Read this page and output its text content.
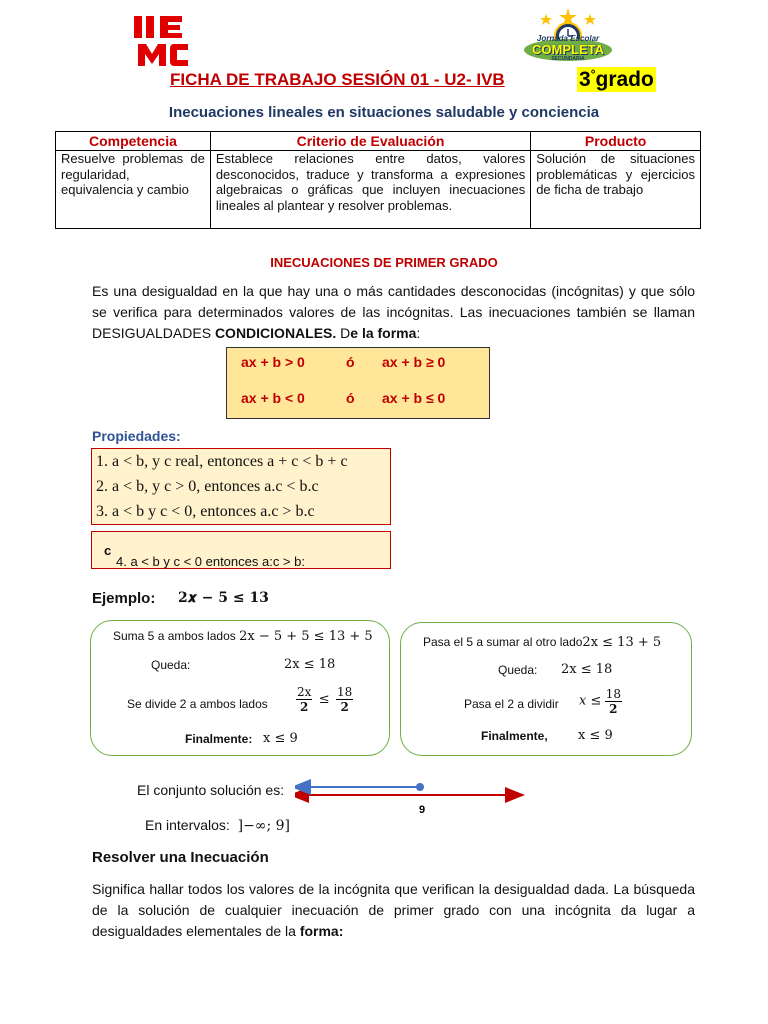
Jornada Escolar
COMPLETA
SECUNDARIA
FICHA DE TRABAJO SESIÓN 01 - U2- IVB	3°grado
Inecuaciones lineales en situaciones saludable y conciencia
Competencia	Criterio de Evaluación	Producto
Resuelve problemas de regularidad, equivalencia y cambio	Establece relaciones entre datos, valores desconocidos, traduce y transforma a expresiones algebraicas o gráficas que incluyen inecuaciones lineales al plantear y resolver problemas.	Solución de situaciones problemáticas y ejercicios de ficha de trabajo
INECUACIONES DE PRIMER GRADO
Es una desigualdad en la que hay una o más cantidades desconocidas (incógnitas) y que sólo se verifica para determinados valores de las incógnitas. Las inecuaciones también se llaman DESIGUALDADES CONDICIONALES. De la forma:
ax + b > 0	ó ax + b ≥ 0
ax + b < 0	ó ax + b ≤ 0
Propiedades:
1. a < b, y c real, entonces a + c < b + c
2. a < b, y c > 0, entonces a.c < b.c
3. a < b y c < 0, entonces a.c > b.c
4. a < b y c < 0 entonces a:c > b:
c
Ejemplo: 2𝒙 − 𝟓 ≤ 𝟏𝟑
Suma 5 a ambos lados 2x − 5 + 5 ≤ 13 + 5
Queda:	2x ≤ 18
Se divide 2 a ambos lados $\frac{2x}{2} \le \frac{18}{2}$
Finalmente: x ≤ 9
Pasa el 5 a sumar al otro lado2x ≤ 13 + 5
Queda: 2x ≤ 18
Pasa el 2 a dividir $x \le \frac{18}{2}$
Finalmente, x ≤ 9
El conjunto solución es:
9
En intervalos: ]−∞; 9]
Resolver una Inecuación
Significa hallar todos los valores de la incógnita que verifican la desigualdad dada. La búsqueda de la solución de cualquier inecuación de primer grado con una incógnita da lugar a desigualdades elementales de la forma:
